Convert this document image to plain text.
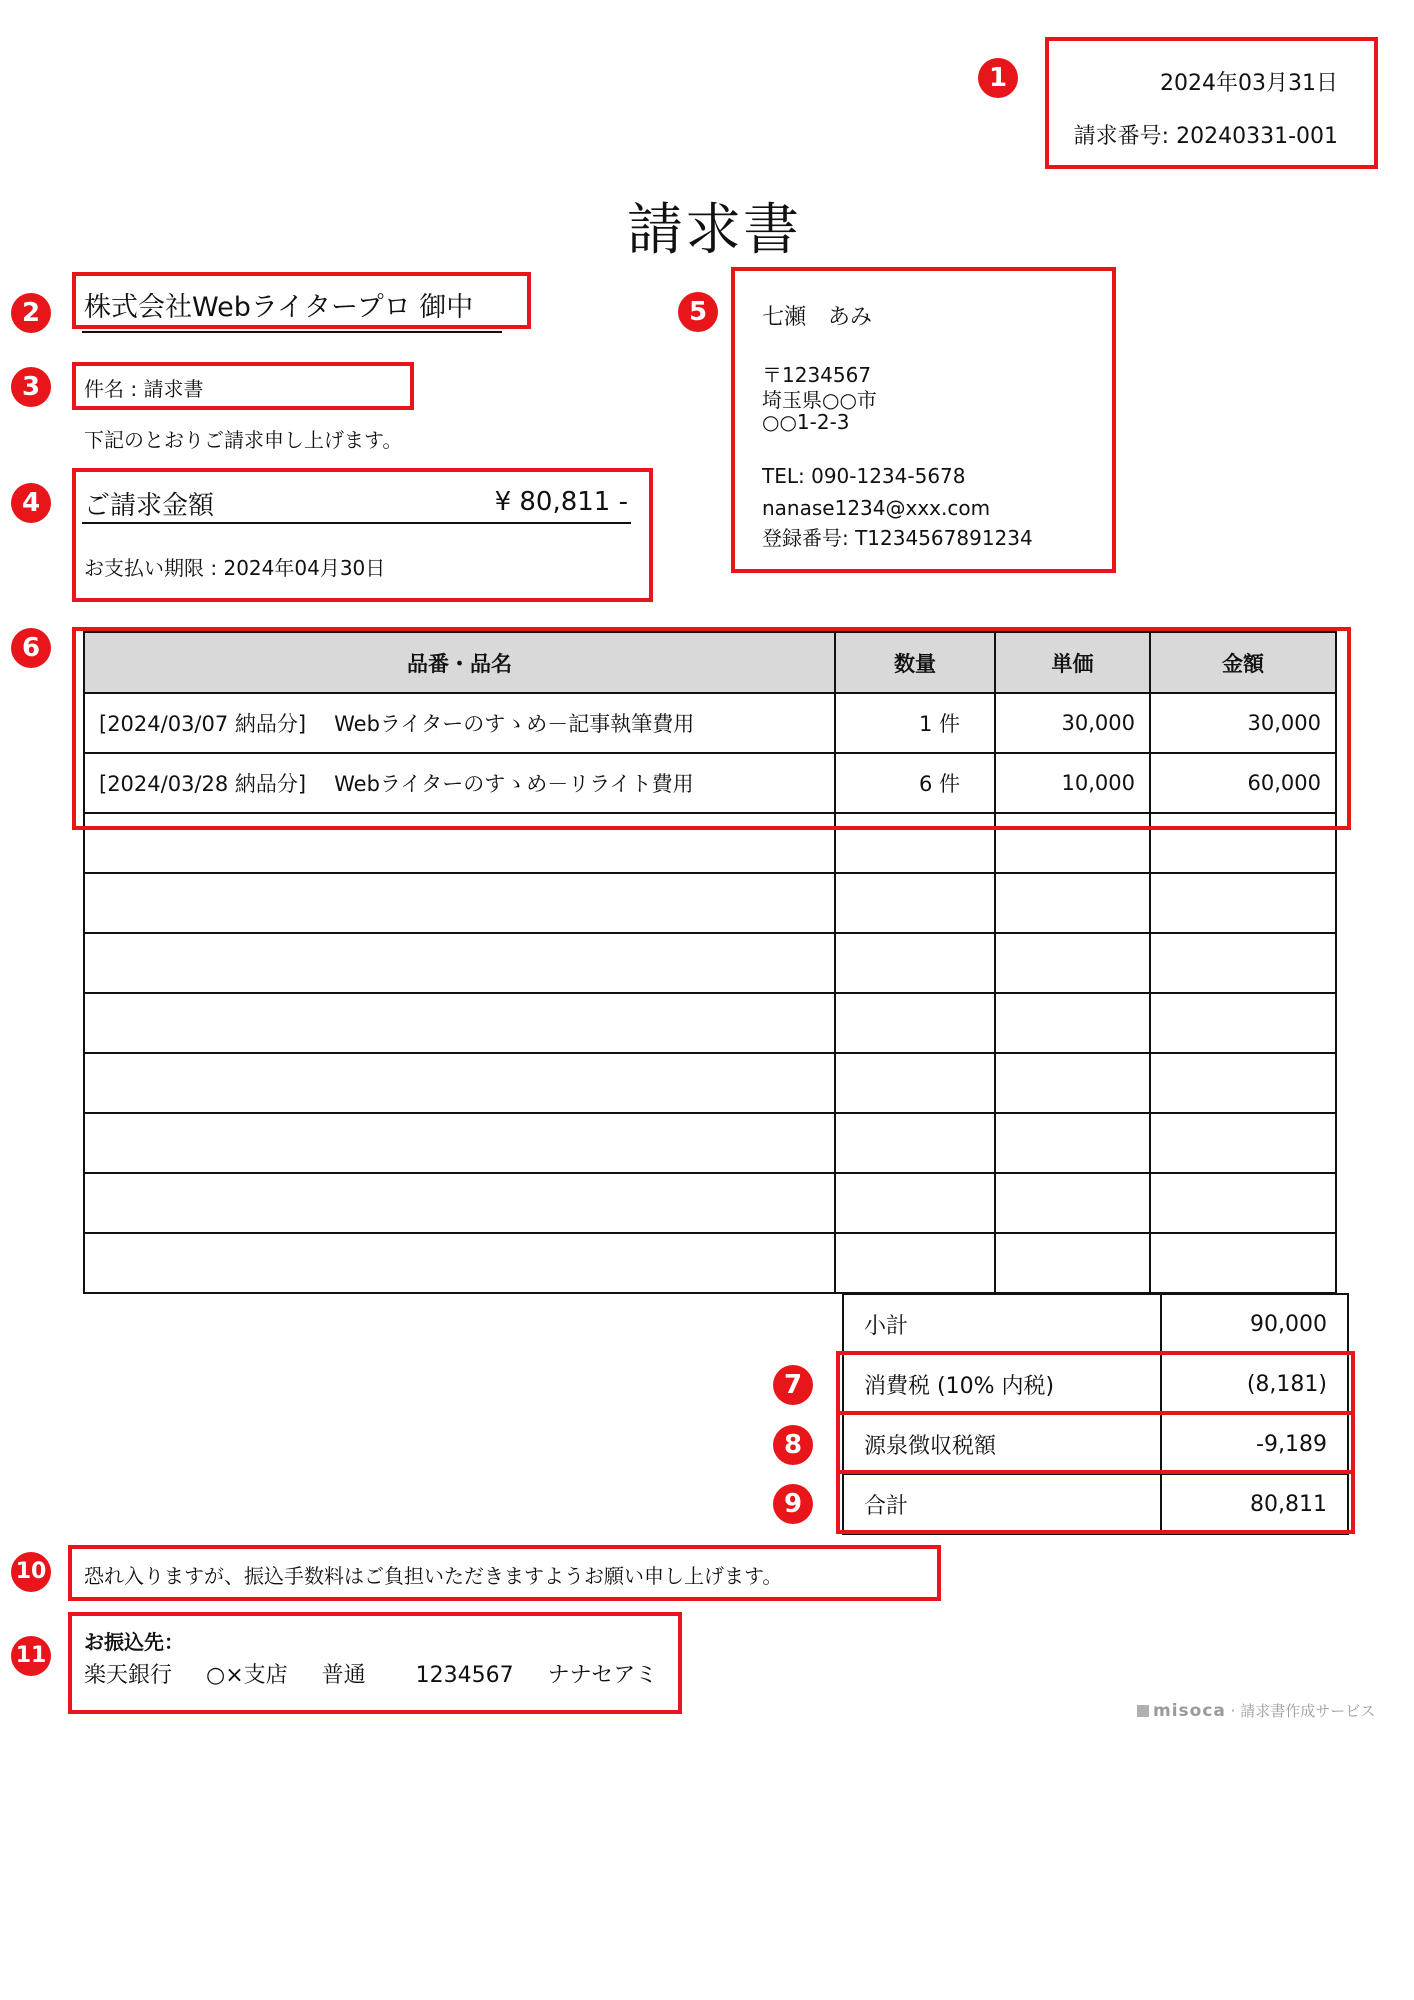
1	2024年03月31日
請求番号: 20240331-001
請求書
2	株式会社Webライタープロ 御中
3	件名 : 請求書
下記のとおりご請求申し上げます。
4	ご請求金額	¥ 80,811 -
お支払い期限 : 2024年04月30日
5	七瀬　あみ
〒1234567
埼玉県○○市
○○1-2-3
TEL: 090-1234-5678
nanase1234@xxx.com
登録番号: T1234567891234
6
品番・品名	数量	単価	金額
[2024/03/07 納品分] Webライターのすゝめ－記事執筆費用	1 件	30,000	30,000
[2024/03/28 納品分] Webライターのすゝめ－リライト費用	6 件	10,000	60,000

小計	90,000
消費税 (10% 内税)	(8,181)
源泉徴収税額	-9,189
合計	80,811
7
8
9
10 恐れ入りますが、振込手数料はご負担いただきますようお願い申し上げます。
11
お振込先：
楽天銀行 ○×支店 普通 1234567 ナナセアミ
misoca · 請求書作成サービス
